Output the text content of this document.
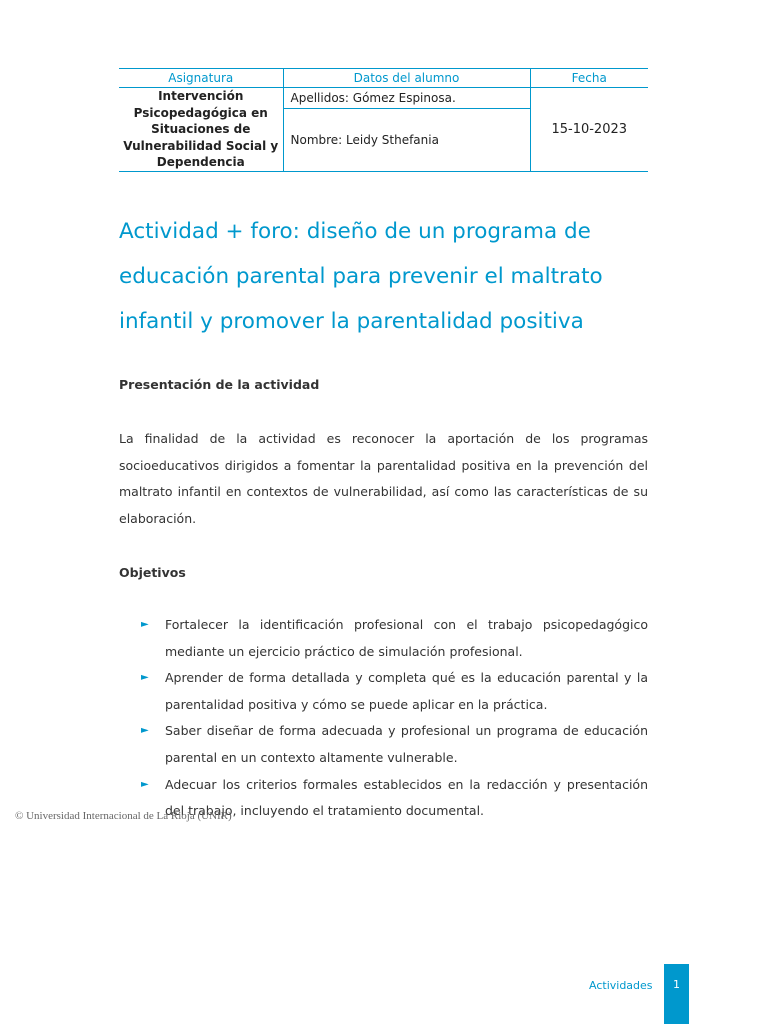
Asignatura	Datos del alumno	Fecha

Intervención
Psicopedagógica en
Situaciones de
Vulnerabilidad Social y
Dependencia	Apellidos: Gómez Espinosa.	15-10-2023
	Nombre: Leidy Sthefania	
Actividad + foro: diseño de un programa de
educación parental para prevenir el maltrato
infantil y promover la parentalidad positiva
Presentación de la actividad

La finalidad de la actividad es reconocer la aportación de los programas socioeducativos dirigidos a fomentar la parentalidad positiva en la prevención del maltrato infantil en contextos de vulnerabilidad, así como las características de su elaboración.

Objetivos
► Fortalecer la identificación profesional con el trabajo psicopedagógico mediante un ejercicio práctico de simulación profesional.
► Aprender de forma detallada y completa qué es la educación parental y la parentalidad positiva y cómo se puede aplicar en la práctica.
► Saber diseñar de forma adecuada y profesional un programa de educación parental en un contexto altamente vulnerable.
► Adecuar los criterios formales establecidos en la redacción y presentación del trabajo, incluyendo el tratamiento documental.
© Universidad Internacional de La Rioja (UNIR)
Actividades	1
